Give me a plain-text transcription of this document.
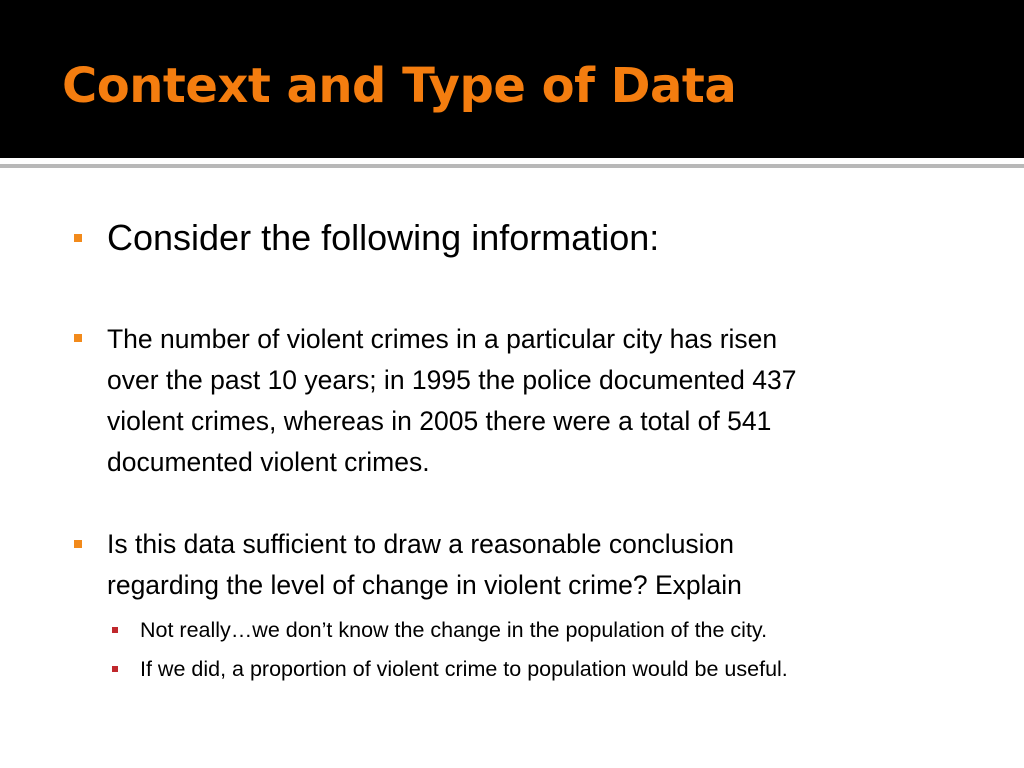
Context and Type of Data

Consider the following information:

The number of violent crimes in a particular city has risen

over the past 10 years; in 1995 the police documented 437

violent crimes, whereas in 2005 there were a total of 541

documented violent crimes.

Is this data sufficient to draw a reasonable conclusion

regarding the level of change in violent crime? Explain

Not really…we don’t know the change in the population of the city.

If we did, a proportion of violent crime to population would be useful.
